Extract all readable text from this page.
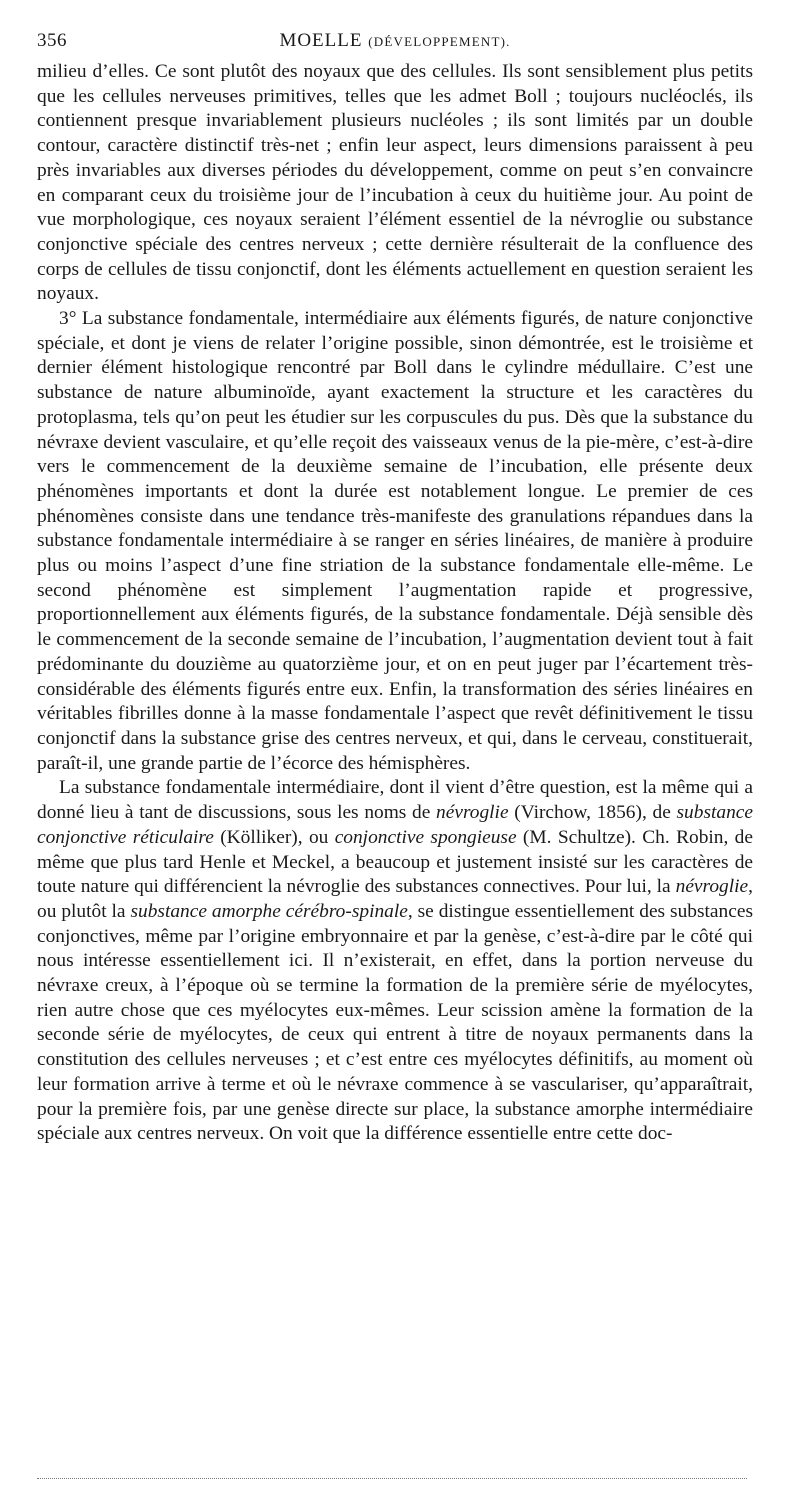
356	MOELLE (DÉVELOPPEMENT).

milieu d’elles. Ce sont plutôt des noyaux que des cellules. Ils sont sensiblement plus petits que les cellules nerveuses primitives, telles que les admet Boll ; toujours nucléoclés, ils contiennent presque invariablement plusieurs nucléoles ; ils sont limités par un double contour, caractère distinctif très-net ; enfin leur aspect, leurs dimensions paraissent à peu près invariables aux diverses périodes du développement, comme on peut s’en convaincre en comparant ceux du troisième jour de l’incubation à ceux du huitième jour. Au point de vue morphologique, ces noyaux seraient l’élément essentiel de la névroglie ou substance conjonctive spéciale des centres nerveux ; cette dernière résulterait de la confluence des corps de cellules de tissu conjonctif, dont les éléments actuellement en question seraient les noyaux.

3° La substance fondamentale, intermédiaire aux éléments figurés, de nature conjonctive spéciale, et dont je viens de relater l’origine possible, sinon démontrée, est le troisième et dernier élément histologique rencontré par Boll dans le cylindre médullaire. C’est une substance de nature albuminoïde, ayant exactement la structure et les caractères du protoplasma, tels qu’on peut les étudier sur les corpuscules du pus. Dès que la substance du névraxe devient vasculaire, et qu’elle reçoit des vaisseaux venus de la pie-mère, c’est-à-dire vers le commencement de la deuxième semaine de l’incubation, elle présente deux phénomènes importants et dont la durée est notablement longue. Le premier de ces phénomènes consiste dans une tendance très-manifeste des granulations répandues dans la substance fondamentale intermédiaire à se ranger en séries linéaires, de manière à produire plus ou moins l’aspect d’une fine striation de la substance fondamentale elle-même. Le second phénomène est simplement l’augmentation rapide et progressive, proportionnellement aux éléments figurés, de la substance fondamentale. Déjà sensible dès le commencement de la seconde semaine de l’incubation, l’augmentation devient tout à fait prédominante du douzième au quatorzième jour, et on en peut juger par l’écartement très-considérable des éléments figurés entre eux. Enfin, la transformation des séries linéaires en véritables fibrilles donne à la masse fondamentale l’aspect que revêt définitivement le tissu conjonctif dans la substance grise des centres nerveux, et qui, dans le cerveau, constituerait, paraît-il, une grande partie de l’écorce des hémisphères.

La substance fondamentale intermédiaire, dont il vient d’être question, est la même qui a donné lieu à tant de discussions, sous les noms de névroglie (Virchow, 1856), de substance conjonctive réticulaire (Kölliker), ou conjonctive spongieuse (M. Schultze). Ch. Robin, de même que plus tard Henle et Meckel, a beaucoup et justement insisté sur les caractères de toute nature qui différencient la névroglie des substances connectives. Pour lui, la névroglie, ou plutôt la substance amorphe cérébro-spinale, se distingue essentiellement des substances conjonctives, même par l’origine embryonnaire et par la genèse, c’est-à-dire par le côté qui nous intéresse essentiellement ici. Il n’existerait, en effet, dans la portion nerveuse du névraxe creux, à l’époque où se termine la formation de la première série de myélocytes, rien autre chose que ces myélocytes eux-mêmes. Leur scission amène la formation de la seconde série de myélocytes, de ceux qui entrent à titre de noyaux permanents dans la constitution des cellules nerveuses ; et c’est entre ces myélocytes définitifs, au moment où leur formation arrive à terme et où le névraxe commence à se vasculariser, qu’apparaîtrait, pour la première fois, par une genèse directe sur place, la substance amorphe intermédiaire spéciale aux centres nerveux. On voit que la différence essentielle entre cette doc-
